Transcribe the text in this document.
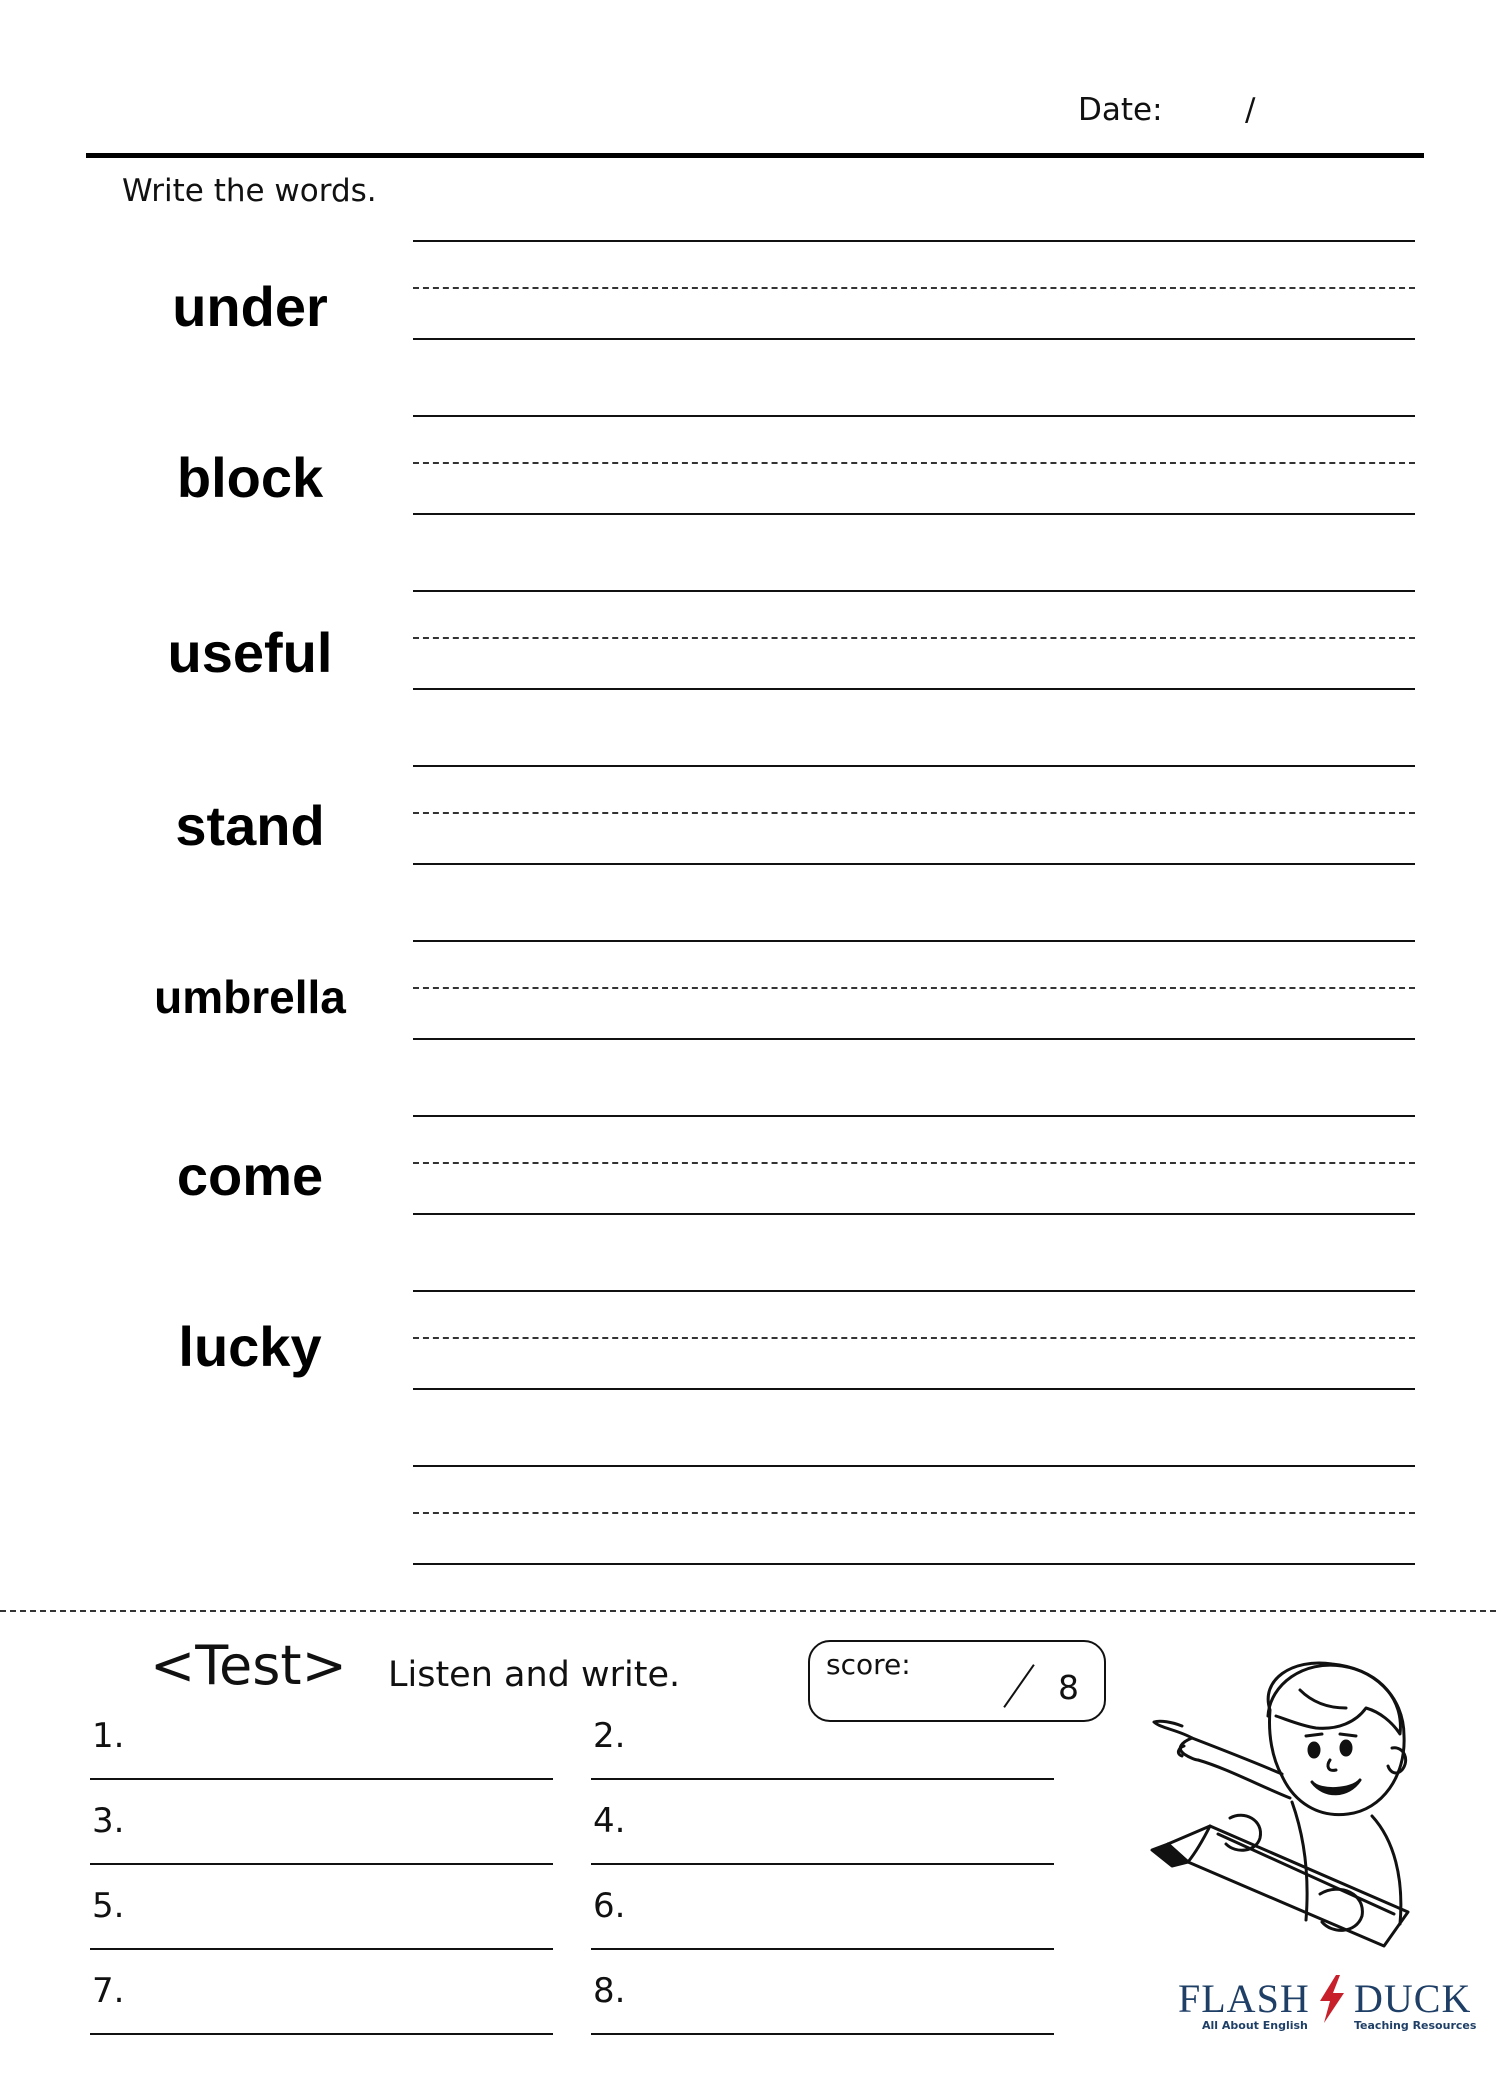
Date:	/
Write the words.
under
block
useful
stand
umbrella
come
lucky
<Test> Listen and write.	score:
8
1.	2.
3.	4.
5.	6.
7.	8.	FLASH DUCK
All About English	Teaching Resources
